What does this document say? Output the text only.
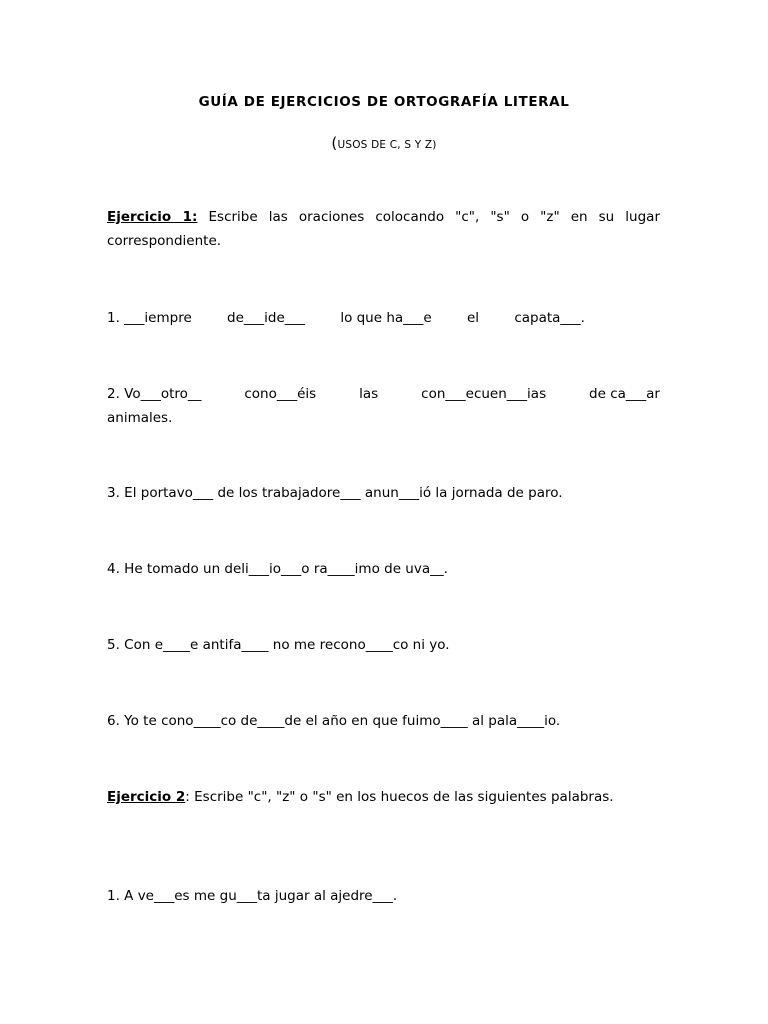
GUÍA DE EJERCICIOS DE ORTOGRAFÍA LITERAL
(USOS DE C, S Y Z)
Ejercicio 1: Escribe las oraciones colocando "c", "s" o "z" en su lugar correspondiente.
1. ___iempre	de___ide___	lo que ha___e	el	capata___.
2. Vo___otro__	cono___éis	las	con___ecuen___ias	de ca___ar
animales.
3. El portavo___ de los trabajadore___ anun___ió la jornada de paro.
4. He tomado un deli___io___o ra____imo de uva__.
5. Con e____e antifa____ no me recono____co ni yo.
6. Yo te cono____co de____de el año en que fuimo____ al pala____io.
Ejercicio 2: Escribe "c", "z" o "s" en los huecos de las siguientes palabras.
1. A ve___es me gu___ta jugar al ajedre___.
